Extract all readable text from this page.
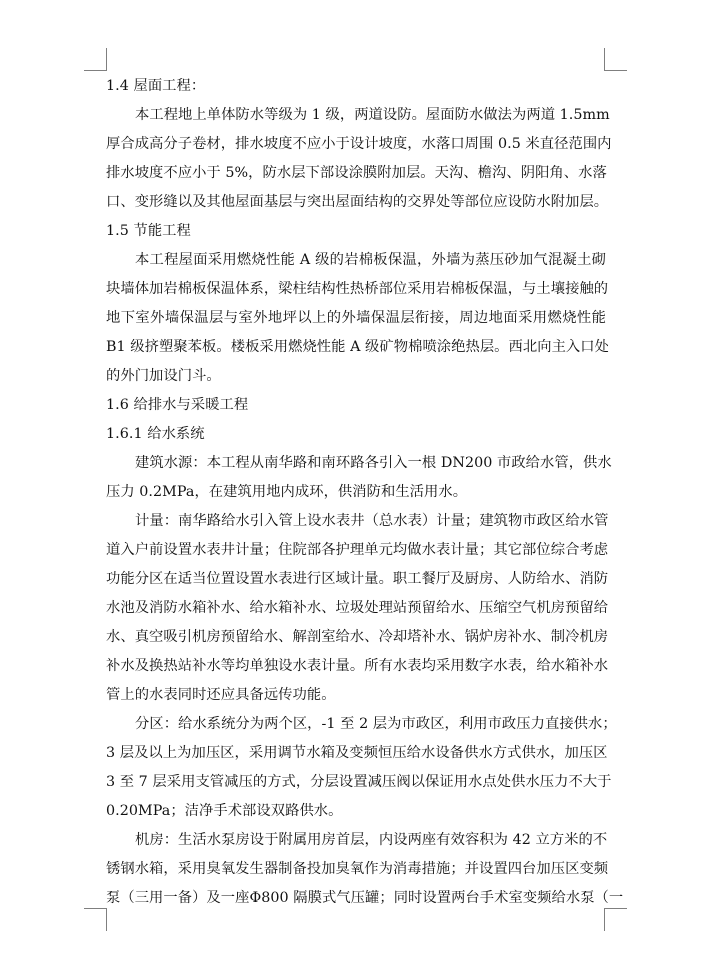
1.4 屋面工程：
本工程地上单体防水等级为 1 级，两道设防。屋面防水做法为两道 1.5mm
厚合成高分子卷材，排水坡度不应小于设计坡度，水落口周围 0.5 米直径范围内
排水坡度不应小于 5%，防水层下部设涂膜附加层。天沟、檐沟、阴阳角、水落
口、变形缝以及其他屋面基层与突出屋面结构的交界处等部位应设防水附加层。
1.5 节能工程
本工程屋面采用燃烧性能 A 级的岩棉板保温，外墙为蒸压砂加气混凝土砌
块墙体加岩棉板保温体系，梁柱结构性热桥部位采用岩棉板保温，与土壤接触的
地下室外墙保温层与室外地坪以上的外墙保温层衔接，周边地面采用燃烧性能
B1 级挤塑聚苯板。楼板采用燃烧性能 A 级矿物棉喷涂绝热层。西北向主入口处
的外门加设门斗。
1.6 给排水与采暖工程
1.6.1 给水系统
建筑水源：本工程从南华路和南环路各引入一根 DN200 市政给水管，供水
压力 0.2MPa，在建筑用地内成环，供消防和生活用水。
计量：南华路给水引入管上设水表井（总水表）计量；建筑物市政区给水管
道入户前设置水表井计量；住院部各护理单元均做水表计量；其它部位综合考虑
功能分区在适当位置设置水表进行区域计量。职工餐厅及厨房、人防给水、消防
水池及消防水箱补水、给水箱补水、垃圾处理站预留给水、压缩空气机房预留给
水、真空吸引机房预留给水、解剖室给水、冷却塔补水、锅炉房补水、制冷机房
补水及换热站补水等均单独设水表计量。所有水表均采用数字水表，给水箱补水
管上的水表同时还应具备远传功能。
分区：给水系统分为两个区，-1 至 2 层为市政区，利用市政压力直接供水；
3 层及以上为加压区，采用调节水箱及变频恒压给水设备供水方式供水，加压区
3 至 7 层采用支管减压的方式，分层设置减压阀以保证用水点处供水压力不大于
0.20MPa；洁净手术部设双路供水。
机房：生活水泵房设于附属用房首层，内设两座有效容积为 42 立方米的不
锈钢水箱，采用臭氧发生器制备投加臭氧作为消毒措施；并设置四台加压区变频
泵（三用一备）及一座Φ800 隔膜式气压罐；同时设置两台手术室变频给水泵（一
